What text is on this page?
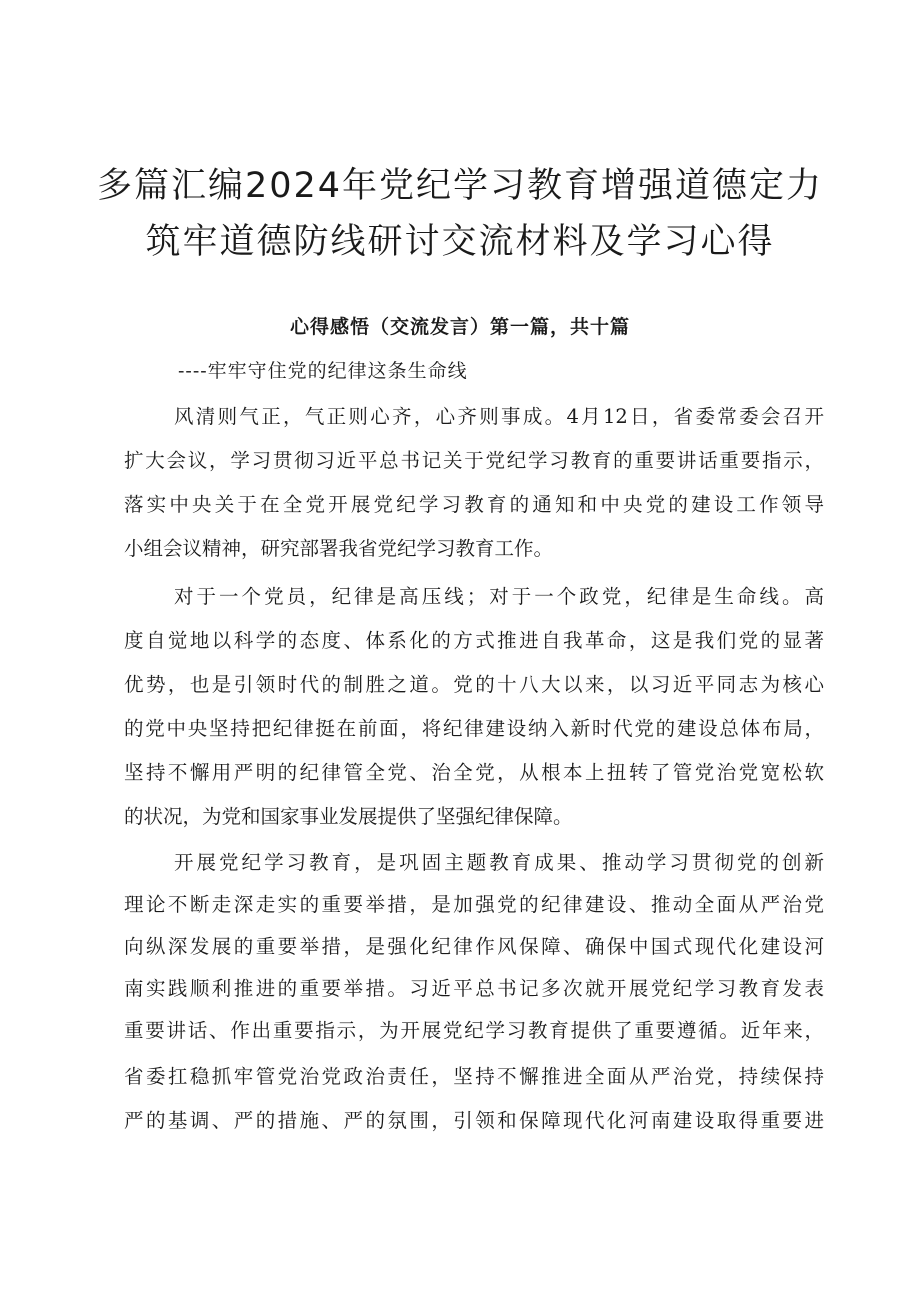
多篇汇编2024年党纪学习教育增强道德定力
筑牢道德防线研讨交流材料及学习心得
心得感悟（交流发言）第一篇，共十篇
----牢牢守住党的纪律这条生命线
风清则气正，气正则心齐，心齐则事成。4月12日，省委常委会召开
扩大会议，学习贯彻习近平总书记关于党纪学习教育的重要讲话重要指示，
落实中央关于在全党开展党纪学习教育的通知和中央党的建设工作领导
小组会议精神，研究部署我省党纪学习教育工作。
对于一个党员，纪律是高压线；对于一个政党，纪律是生命线。高
度自觉地以科学的态度、体系化的方式推进自我革命，这是我们党的显著
优势，也是引领时代的制胜之道。党的十八大以来，以习近平同志为核心
的党中央坚持把纪律挺在前面，将纪律建设纳入新时代党的建设总体布局，
坚持不懈用严明的纪律管全党、治全党，从根本上扭转了管党治党宽松软
的状况，为党和国家事业发展提供了坚强纪律保障。
开展党纪学习教育，是巩固主题教育成果、推动学习贯彻党的创新
理论不断走深走实的重要举措，是加强党的纪律建设、推动全面从严治党
向纵深发展的重要举措，是强化纪律作风保障、确保中国式现代化建设河
南实践顺利推进的重要举措。习近平总书记多次就开展党纪学习教育发表
重要讲话、作出重要指示，为开展党纪学习教育提供了重要遵循。近年来，
省委扛稳抓牢管党治党政治责任，坚持不懈推进全面从严治党，持续保持
严的基调、严的措施、严的氛围，引领和保障现代化河南建设取得重要进
